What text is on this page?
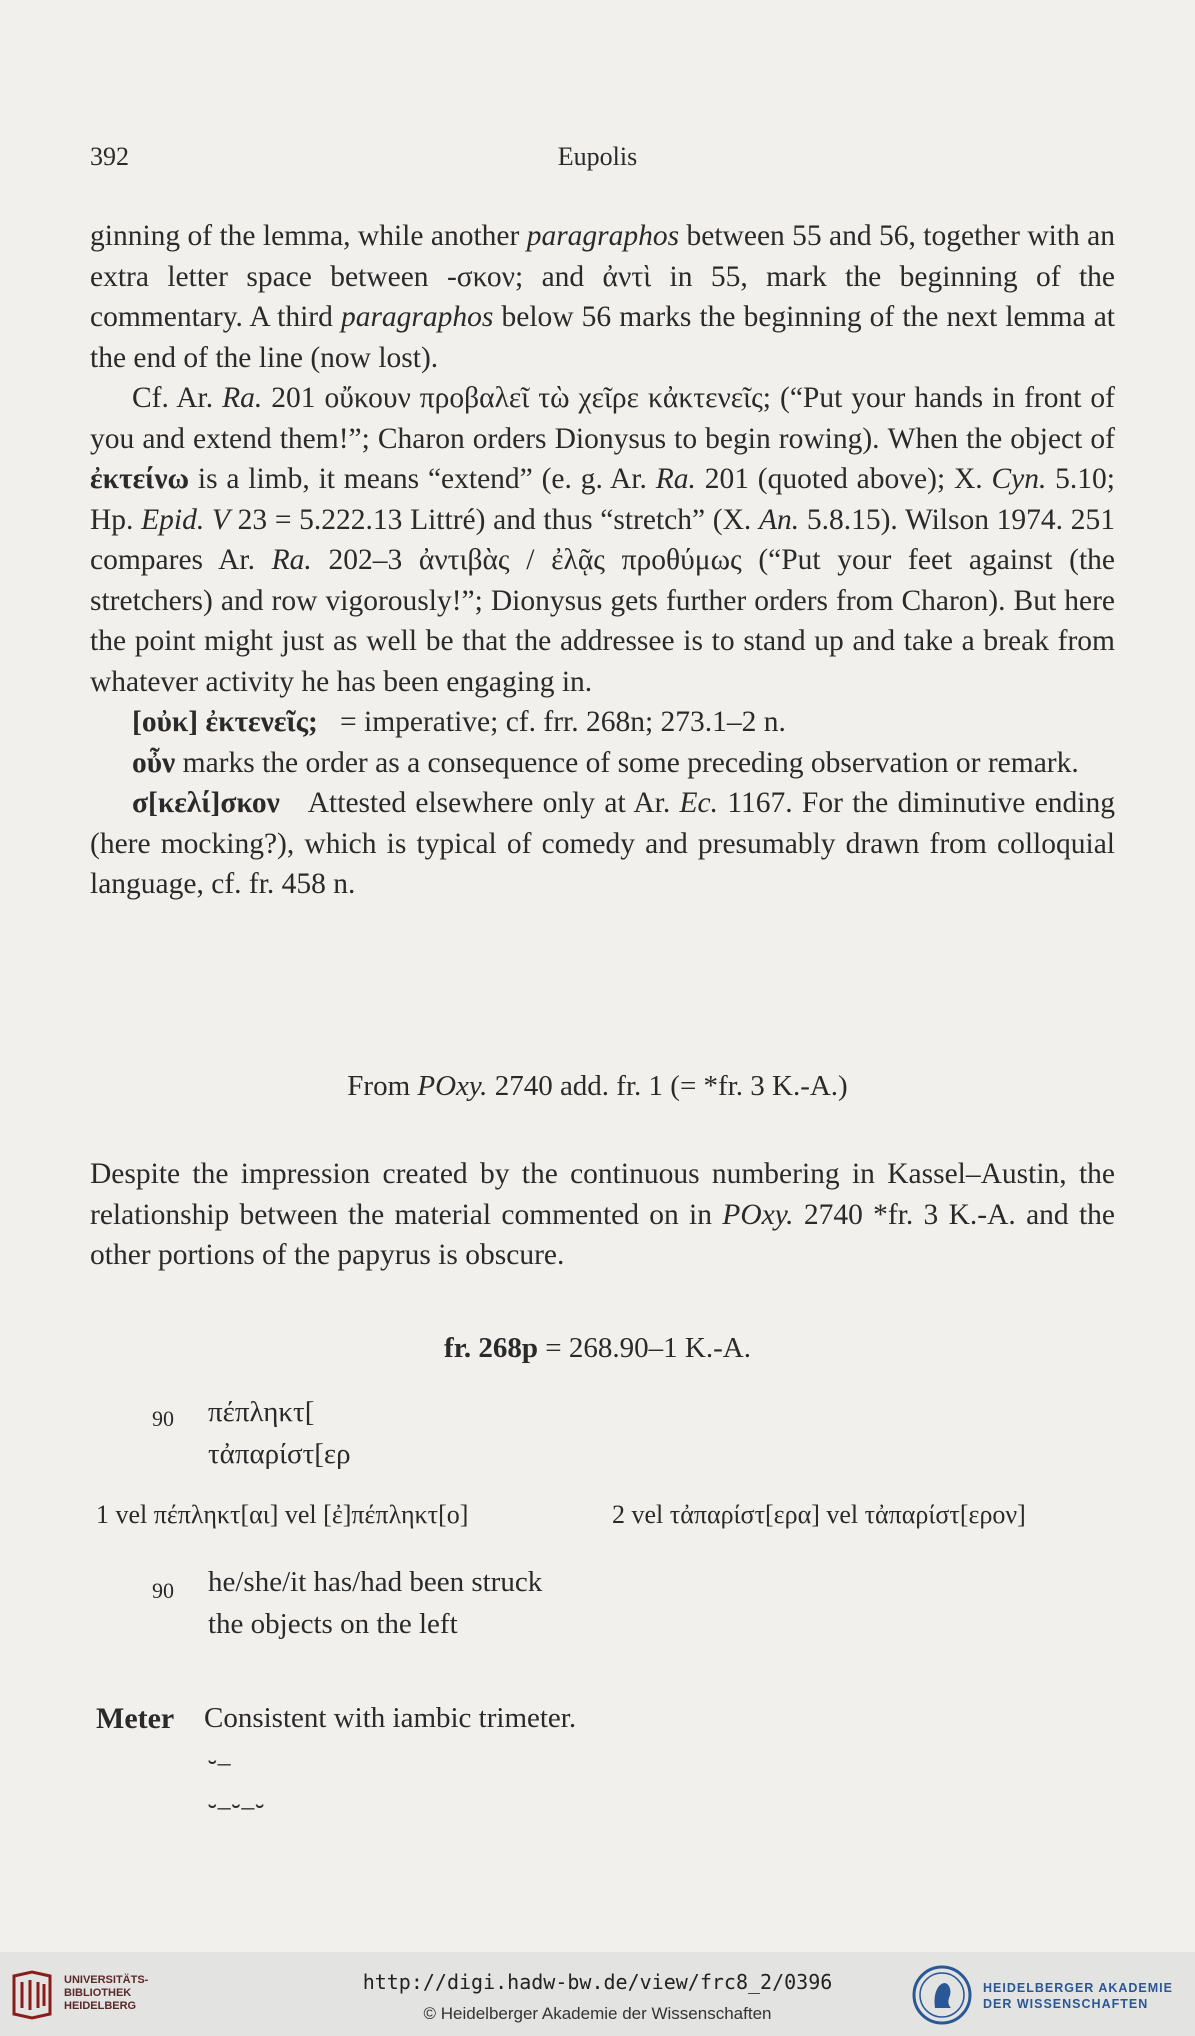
392	Eupolis

ginning of the lemma, while another paragraphos between 55 and 56, together with an extra letter space between -σκον; and ἀντὶ in 55, mark the beginning of the commentary. A third paragraphos below 56 marks the beginning of the next lemma at the end of the line (now lost).

Cf. Ar. Ra. 201 οὔκουν προβαλεῖ τὼ χεῖρε κἀκτενεῖς; (“Put your hands in front of you and extend them!”; Charon orders Dionysus to begin rowing). When the object of ἐκτείνω is a limb, it means “extend” (e. g. Ar. Ra. 201 (quoted above); X. Cyn. 5.10; Hp. Epid. V 23 = 5.222.13 Littré) and thus “stretch” (X. An. 5.8.15). Wilson 1974. 251 compares Ar. Ra. 202–3 ἀντιβὰς / ἐλᾷς προθύμως (“Put your feet against (the stretchers) and row vigorously!”; Dionysus gets further orders from Charon). But here the point might just as well be that the addressee is to stand up and take a break from whatever activity he has been engaging in.

[οὐκ] ἐκτενεῖς;   = imperative; cf. frr. 268n; 273.1–2 n.

οὖν marks the order as a consequence of some preceding observation or remark.

σ[κελί]σκον   Attested elsewhere only at Ar. Ec. 1167. For the diminutive ending (here mocking?), which is typical of comedy and presumably drawn from colloquial language, cf. fr. 458 n.

From POxy. 2740 add. fr. 1 (= *fr. 3 K.-A.)

Despite the impression created by the continuous numbering in Kassel–Austin, the relationship between the material commented on in POxy. 2740 *fr. 3 K.-A. and the other portions of the papyrus is obscure.

fr. 268p = 268.90–1 K.-A.
90 πέπληκτ[
τἀπαρίστ[ερ
1 vel πέπληκτ[αι] vel [ἐ]πέπληκτ[ο]	2 vel τἀπαρίστ[ερα] vel τἀπαρίστ[ερον]
90 he/she/it has/had been struck
the objects on the left
Meter Consistent with iambic trimeter.
⏑–
⏑–⏑–⏑
UNIVERSITÄTS-
BIBLIOTHEK
HEIDELBERG
http://digi.hadw-bw.de/view/frc8_2/0396
© Heidelberger Akademie der Wissenschaften
HEIDELBERGER AKADEMIE
DER WISSENSCHAFTEN
